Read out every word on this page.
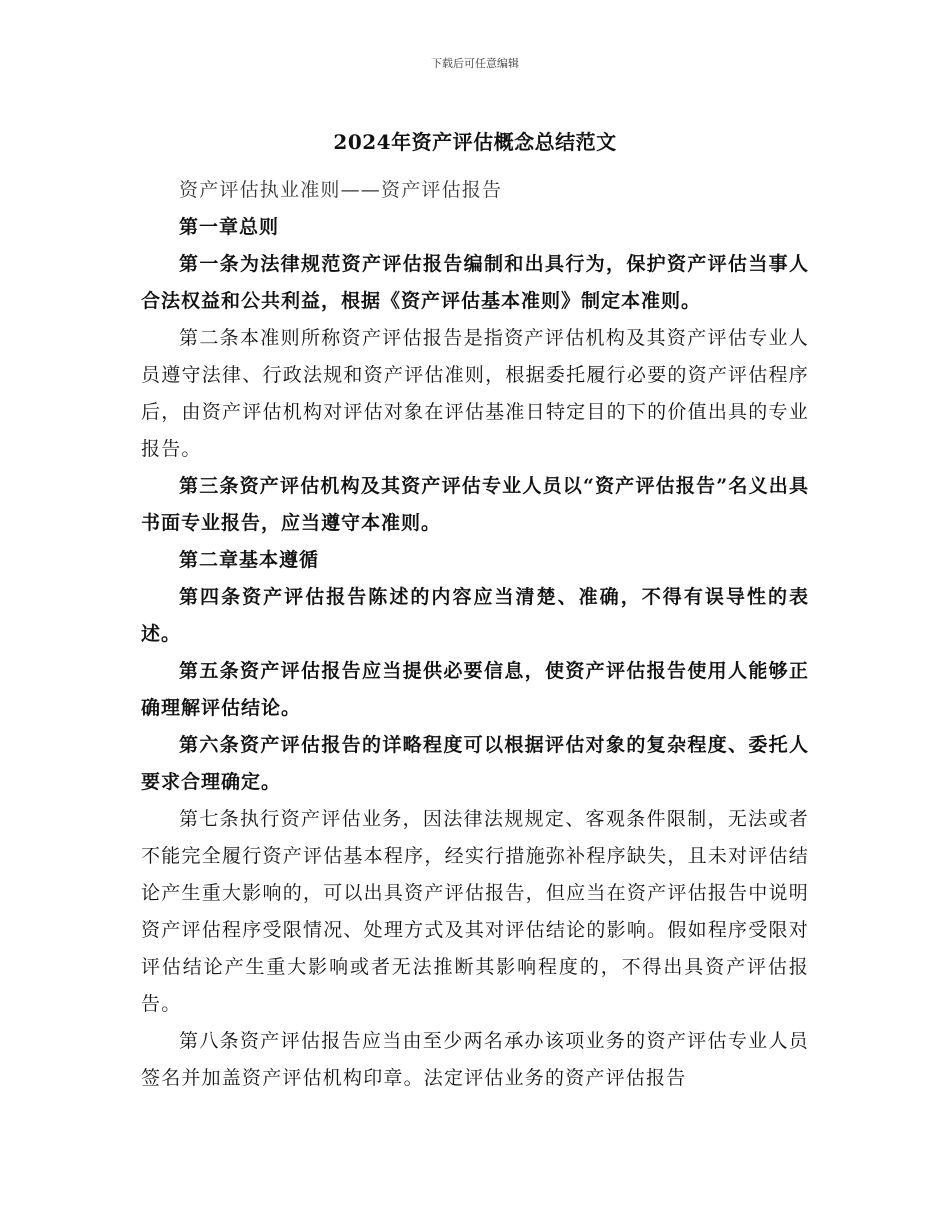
下载后可任意编辑
2024年资产评估概念总结范文

资产评估执业准则——资产评估报告

第一章总则

第一条为法律规范资产评估报告编制和出具行为，保护资产评估当事人合法权益和公共利益，根据《资产评估基本准则》制定本准则。

第二条本准则所称资产评估报告是指资产评估机构及其资产评估专业人员遵守法律、行政法规和资产评估准则，根据委托履行必要的资产评估程序后，由资产评估机构对评估对象在评估基准日特定目的下的价值出具的专业报告。

第三条资产评估机构及其资产评估专业人员以“资产评估报告”名义出具书面专业报告，应当遵守本准则。

第二章基本遵循

第四条资产评估报告陈述的内容应当清楚、准确，不得有误导性的表述。

第五条资产评估报告应当提供必要信息，使资产评估报告使用人能够正确理解评估结论。

第六条资产评估报告的详略程度可以根据评估对象的复杂程度、委托人要求合理确定。

第七条执行资产评估业务，因法律法规规定、客观条件限制，无法或者不能完全履行资产评估基本程序，经实行措施弥补程序缺失，且未对评估结论产生重大影响的，可以出具资产评估报告，但应当在资产评估报告中说明资产评估程序受限情况、处理方式及其对评估结论的影响。假如程序受限对评估结论产生重大影响或者无法推断其影响程度的，不得出具资产评估报告。

第八条资产评估报告应当由至少两名承办该项业务的资产评估专业人员签名并加盖资产评估机构印章。法定评估业务的资产评估报告
